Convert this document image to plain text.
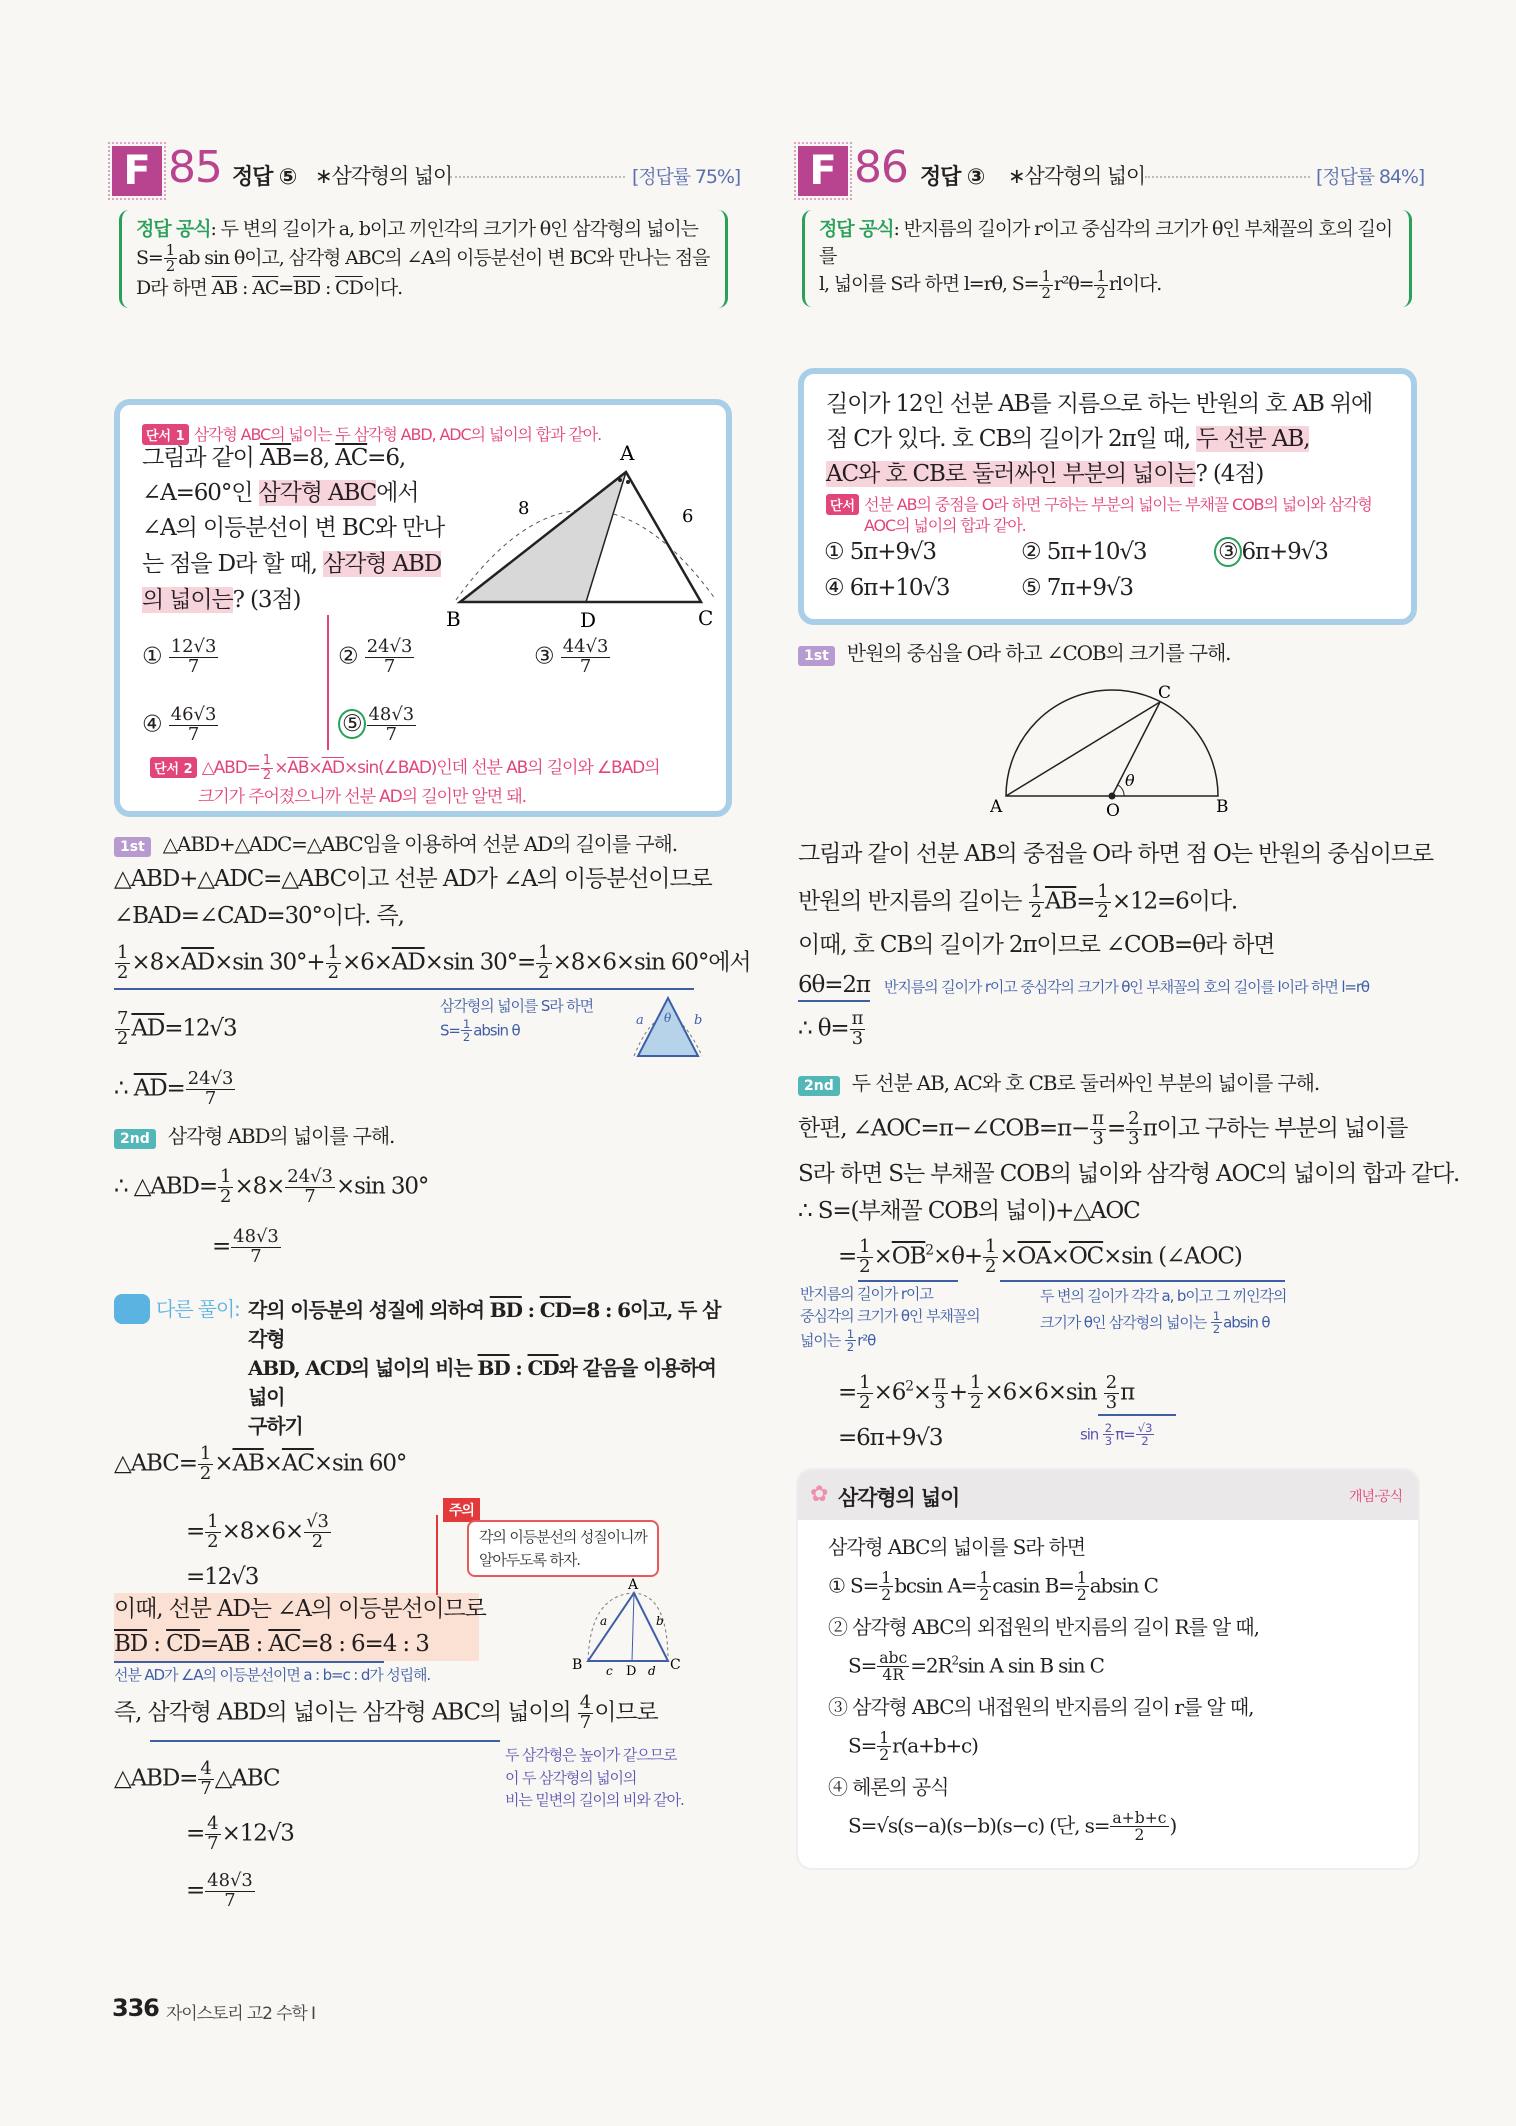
F 85 정답 ⑤ ∗삼각형의 넓이	[정답률 75%]
정답 공식: 두 변의 길이가 a, b이고 끼인각의 크기가 θ인 삼각형의 넓이는
$S= \frac{1}{2}$ ab sin θ이고, 삼각형 ABC의 ∠A의 이등분선이 변 BC와 만나는 점을
D라 하면 $\overline{AB}$ : $\overline{AC}=\overline{BD}$ : $\overline{CD}$이다.
단서 1 삼각형 ABC의 넓이는 두 삼각형 ABD, ADC의 넓이의 합과 같아.
그림과 같이 $\overline{AB}=8$, $\overline{AC}=6$,
∠A=60°인 삼각형 ABC에서
∠A의 이등분선이 변 BC와 만나
는 점을 D라 할 때, 삼각형 ABD
의 넓이는? (3점)
A
B	D	C
8	6
① $\frac{12√3}{7}$	② $\frac{24√3}{7}$	③ $\frac{44√3}{7}$
④ $\frac{46√3}{7}$	⑤ $\frac{48√3}{7}$
단서 2 △ABD= $\frac{1}{2}$ $\times\overline{AB}\times\overline{AD}\times\sin(\angle BAD)$인데 선분 AB의 길이와 ∠BAD의
크기가 주어졌으니까 선분 AD의 길이만 알면 돼.
1st △ABD+△ADC=△ABC임을 이용하여 선분 AD의 길이를 구해.
△ABD+△ADC=△ABC이고 선분 AD가 ∠A의 이등분선이므로
∠BAD=∠CAD=30°이다. 즉,
$\frac{1}{2} \times 8\times\overline{AD}\times\sin$ $30^\circ+ \frac{1}{2} \times 6\times\overline{AD}\times\sin$ $30^\circ= \frac{1}{2} \times 8\times 6\times\sin$ 60°에서
$\frac{7}{2} \overline{AD}=12√3$
∴ $\overline{AD}= \frac{24√3}{7}$
삼각형의 넓이를 S라 하면
$S= \frac{1}{2}$ absin θ
a	b
θ
2nd 삼각형 ABD의 넓이를 구해.
∴ △ABD= $\frac{1}{2} \times 8\times \frac{24√3}{7} \times\sin$ 30°
= $\frac{48√3}{7}$
다른 풀이: 각의 이등분의 성질에 의하여 $\overline{BD}$ : $\overline{CD}=8$ : 6이고, 두 삼각형
ABD, ACD의 넓이의 비는 $\overline{BD}$ : $\overline{CD}$와 같음을 이용하여 넓이
구하기
△ABC= $\frac{1}{2} \times\overline{AB}\times\overline{AC}\times\sin$ 60°
= $\frac{1}{2} \times 8\times 6\times \frac{√3}{2}$
=12√3
이때, 선분 AD는 ∠A의 이등분선이므로
$\overline{BD}$ : $\overline{CD}=\overline{AB}$ : $\overline{AC}=8$ : 6=4 : 3
선분 AD가 ∠A의 이등분선이면 a : b=c : d가 성립해.
즉, 삼각형 ABD의 넓이는 삼각형 ABC의 넓이의 $\frac{4}{7}$ 이므로
△ABD= $\frac{4}{7}$ △ABC
= $\frac{4}{7} \times 12√3$
= $\frac{48√3}{7}$
두 삼각형은 높이가 같으므로
이 두 삼각형의 넓이의
비는 밑변의 길이의 비와 같아.
주의
각의 이등분선의 성질이니까
알아두도록 하자.
A
B	C
D
a	b
c	d
F 86 정답 ③ ∗삼각형의 넓이	[정답률 84%]
정답 공식: 반지름의 길이가 r이고 중심각의 크기가 θ인 부채꼴의 호의 길이를
l, 넓이를 S라 하면 l=rθ, $S= \frac{1}{2} r^2\theta= \frac{1}{2}$ rl이다.
길이가 12인 선분 AB를 지름으로 하는 반원의 호 AB 위에
점 C가 있다. 호 CB의 길이가 2π일 때, 두 선분 AB,
AC와 호 CB로 둘러싸인 부분의 넓이는? (4점)
단서 선분 AB의 중점을 O라 하면 구하는 부분의 넓이는 부채꼴 COB의 넓이와 삼각형
AOC의 넓이의 합과 같아.
① 5π+9√3	② 5π+10√3	③ 6π+9√3
④ 6π+10√3	⑤ 7π+9√3
1st 반원의 중심을 O라 하고 ∠COB의 크기를 구해.
θ
A	O	B
C
그림과 같이 선분 AB의 중점을 O라 하면 점 O는 반원의 중심이므로
반원의 반지름의 길이는 $\frac{1}{2} \overline{AB}= \frac{1}{2} \times 12=6$이다.
이때, 호 CB의 길이가 2π이므로 ∠COB=θ라 하면
6θ=2π 반지름의 길이가 r이고 중심각의 크기가 θ인 부채꼴의 호의 길이를 l이라 하면 l=rθ
∴ $\theta= \frac{\pi}{3}$
2nd 두 선분 AB, AC와 호 CB로 둘러싸인 부분의 넓이를 구해.
한편, ∠AOC=π−∠COB=π− $\frac{\pi}{3} = \frac{2}{3}$ π이고 구하는 부분의 넓이를
S라 하면 S는 부채꼴 COB의 넓이와 삼각형 AOC의 넓이의 합과 같다.
∴ S=(부채꼴 COB의 넓이)+△AOC
= $\frac{1}{2} \times\overline{OB}^2\times\theta+ \frac{1}{2} \times\overline{OA}\times\overline{OC}\times\sin$ (∠AOC)
반지름의 길이가 r이고
중심각의 크기가 θ인 부채꼴의
넓이는 $\frac{1}{2} r^2\theta$
두 변의 길이가 각각 a, b이고 그 끼인각의
크기가 θ인 삼각형의 넓이는 $\frac{1}{2}$ absin θ
= $\frac{1}{2} \times 6^2\times \frac{\pi}{3} + \frac{1}{2} \times 6\times 6\times\sin \frac{2}{3}$ π
=6π+9√3	$\sin \frac{2}{3} \pi= \frac{√3}{2}$
✿ 삼각형의 넓이	개념·공식
삼각형 ABC의 넓이를 S라 하면
① $S= \frac{1}{2}$ bcsin $A= \frac{1}{2}$ casin $B= \frac{1}{2}$ absin C
② 삼각형 ABC의 외접원의 반지름의 길이 R를 알 때,
S= abc
$4R =2R^2\sin$ A sin B sin C
③ 삼각형 ABC의 내접원의 반지름의 길이 r를 알 때,
$S= \frac{1}{2} r(a+b+c)$
④ 헤론의 공식
S=√s(s−a)(s−b)(s−c) (단, $s= \frac{a+b+c}{2}$ )
336 자이스토리 고2 수학 I
